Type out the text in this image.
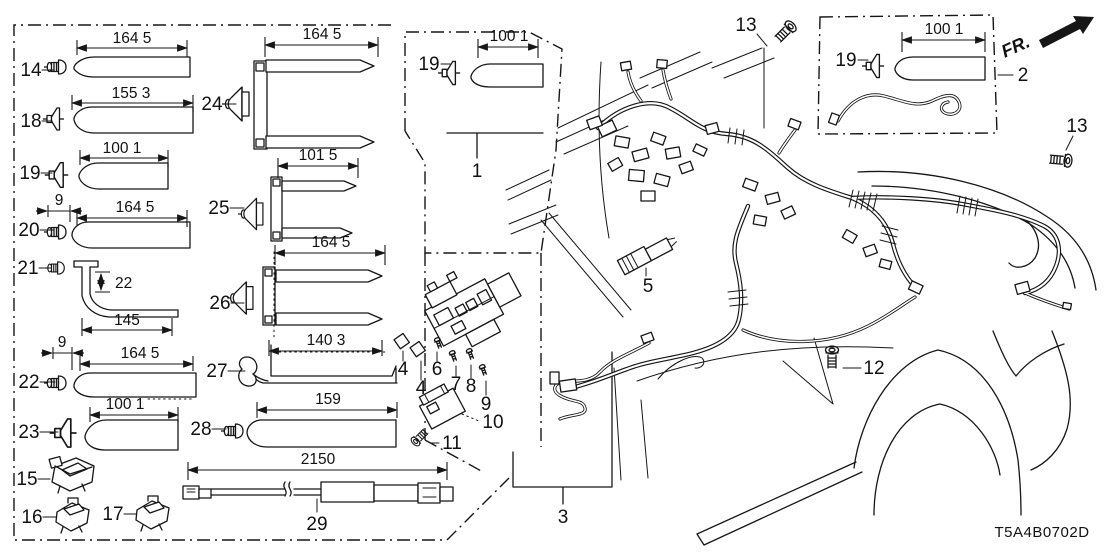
164 5
14
155 3
18
100 1
19
9	164 5
20
22
145
21
9
164 5
22
100 1
23
15
16	17
164 5
24
101 5
25
164 5
26
140 3
27
159
28
2150
29
100 1
19
1
100 1
19
2
4
4
6
7 8
9
10
11
3
5
13
13
12
FR.
T5A4B0702D
